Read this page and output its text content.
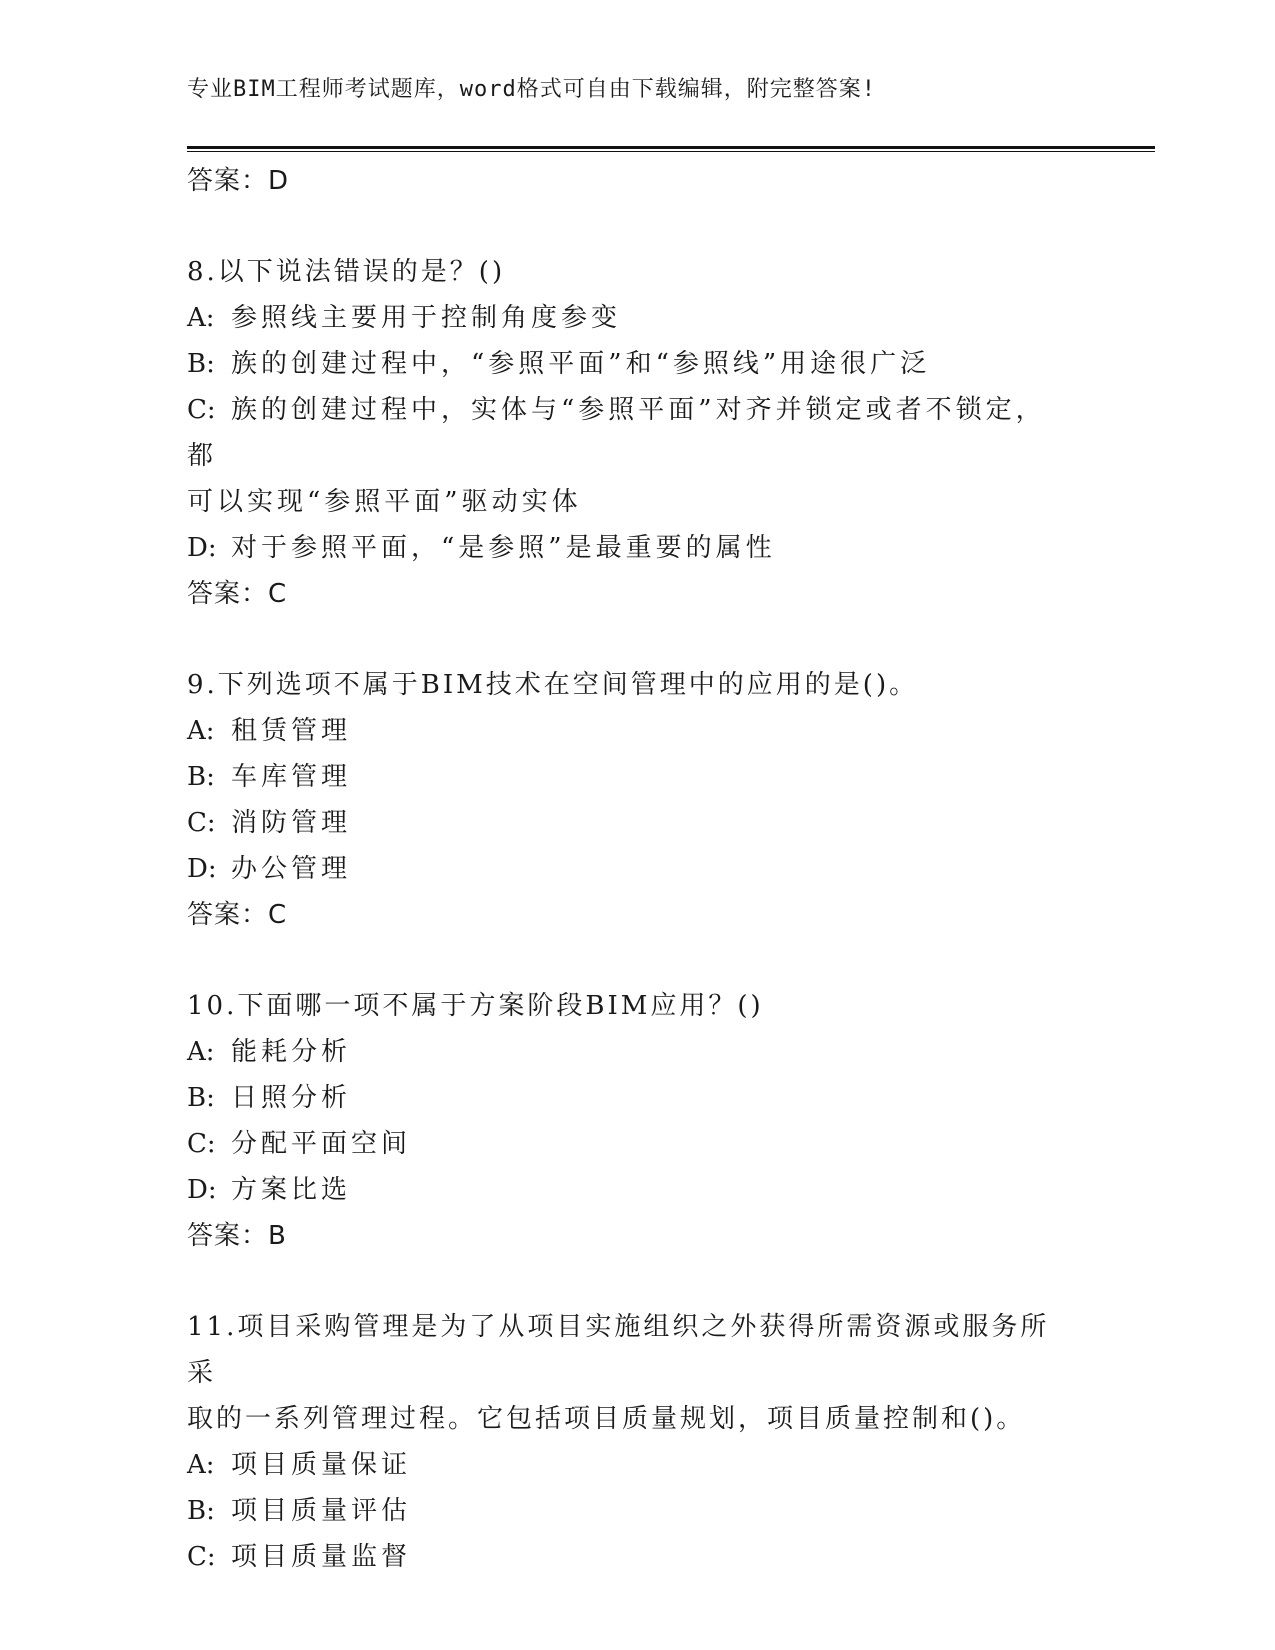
专业BIM工程师考试题库，word格式可自由下载编辑，附完整答案!
答案：D
8.以下说法错误的是？()
A: 参照线主要用于控制角度参变
B: 族的创建过程中，“参照平面”和“参照线”用途很广泛
C: 族的创建过程中，实体与“参照平面”对齐并锁定或者不锁定，都
可以实现“参照平面”驱动实体
D: 对于参照平面，“是参照”是最重要的属性
答案：C
9.下列选项不属于BIM技术在空间管理中的应用的是()。
A: 租赁管理
B: 车库管理
C: 消防管理
D: 办公管理
答案：C
10.下面哪一项不属于方案阶段BIM应用？()
A: 能耗分析
B: 日照分析
C: 分配平面空间
D: 方案比选
答案：B
11.项目采购管理是为了从项目实施组织之外获得所需资源或服务所采
取的一系列管理过程。它包括项目质量规划，项目质量控制和()。
A: 项目质量保证
B: 项目质量评估
C: 项目质量监督
